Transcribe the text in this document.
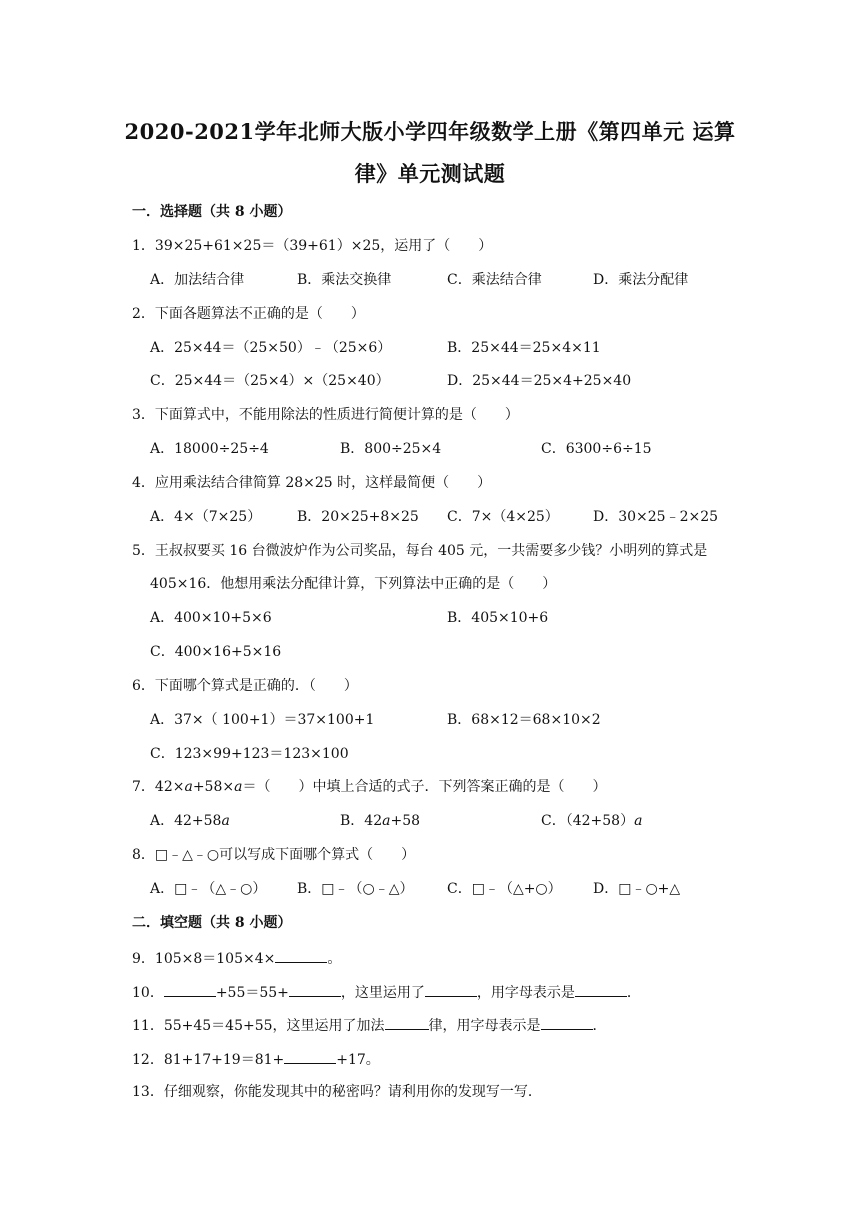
2020-2021学年北师大版小学四年级数学上册《第四单元 运算
律》单元测试题
一．选择题（共 8 小题）
1．39×25+61×25＝（39+61）×25，运用了（　　）
A．加法结合律	B．乘法交换律	C．乘法结合律	D．乘法分配律
2．下面各题算法不正确的是（　　）
A．25×44＝（25×50）﹣（25×6）	B．25×44＝25×4×11
C．25×44＝（25×4）×（25×40）	D．25×44＝25×4+25×40
3．下面算式中，不能用除法的性质进行简便计算的是（　　）
A．18000÷25÷4	B．800÷25×4	C．6300÷6÷15
4．应用乘法结合律简算 28×25 时，这样最简便（　　）
A．4×（7×25）	B．20×25+8×25 C．7×（4×25） D．30×25﹣2×25
5．王叔叔要买 16 台微波炉作为公司奖品，每台 405 元，一共需要多少钱？小明列的算式是
405×16．他想用乘法分配律计算，下列算法中正确的是（　　）
A．400×10+5×6	B．405×10+6
C．400×16+5×16
6．下面哪个算式是正确的．（　　）
A．37×（ 100+1）＝37×100+1	B．68×12＝68×10×2
C．123×99+123＝123×100
7．42×a+58×a＝（　　）中填上合适的式子．下列答案正确的是（　　）
A．42+58a	B．42a+58	C．（42+58）a
8．□﹣△﹣○可以写成下面哪个算式（　　）
A．□﹣（△﹣○） B．□﹣（○﹣△） C．□﹣（△+○） D．□﹣○+△
二．填空题（共 8 小题）
9．105×8＝105×4×	。
10．	+55＝55+	，这里运用了	，用字母表示是	．
11．55+45＝45+55，这里运用了加法	律，用字母表示是	．
12．81+17+19＝81+	+17。
13．仔细观察，你能发现其中的秘密吗？请利用你的发现写一写．
